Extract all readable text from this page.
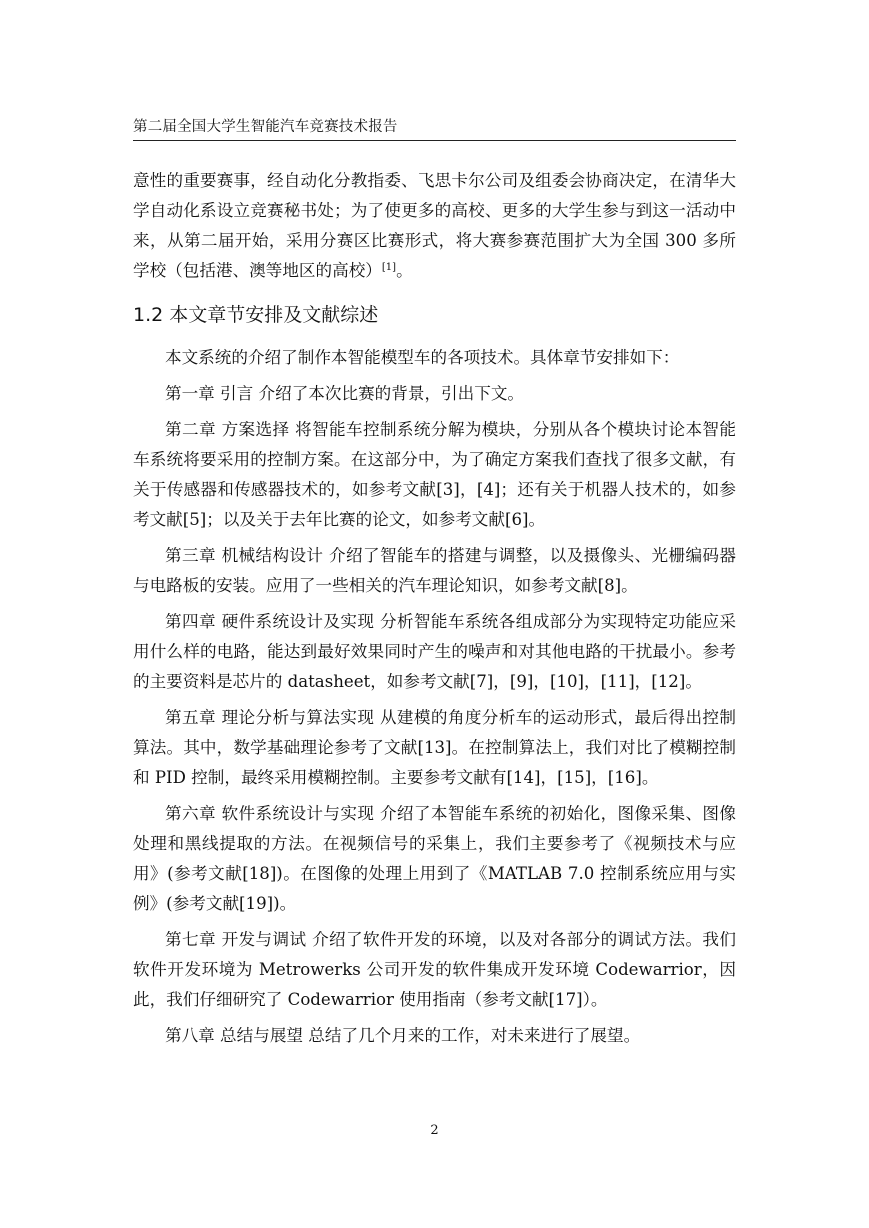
第二届全国大学生智能汽车竞赛技术报告

意性的重要赛事，经自动化分教指委、飞思卡尔公司及组委会协商决定，在清华大学自动化系设立竞赛秘书处；为了使更多的高校、更多的大学生参与到这一活动中来，从第二届开始，采用分赛区比赛形式，将大赛参赛范围扩大为全国 300 多所学校（包括港、澳等地区的高校）[1]。

1.2 本文章节安排及文献综述

本文系统的介绍了制作本智能模型车的各项技术。具体章节安排如下：

第一章 引言 介绍了本次比赛的背景，引出下文。

第二章 方案选择 将智能车控制系统分解为模块，分别从各个模块讨论本智能车系统将要采用的控制方案。在这部分中，为了确定方案我们查找了很多文献，有关于传感器和传感器技术的，如参考文献[3]，[4]；还有关于机器人技术的，如参考文献[5]；以及关于去年比赛的论文，如参考文献[6]。

第三章 机械结构设计 介绍了智能车的搭建与调整，以及摄像头、光栅编码器与电路板的安装。应用了一些相关的汽车理论知识，如参考文献[8]。

第四章 硬件系统设计及实现 分析智能车系统各组成部分为实现特定功能应采用什么样的电路，能达到最好效果同时产生的噪声和对其他电路的干扰最小。参考的主要资料是芯片的 datasheet，如参考文献[7]，[9]，[10]，[11]，[12]。

第五章 理论分析与算法实现 从建模的角度分析车的运动形式，最后得出控制算法。其中，数学基础理论参考了文献[13]。在控制算法上，我们对比了模糊控制和 PID 控制，最终采用模糊控制。主要参考文献有[14]，[15]，[16]。

第六章 软件系统设计与实现 介绍了本智能车系统的初始化，图像采集、图像处理和黑线提取的方法。在视频信号的采集上，我们主要参考了《视频技术与应用》(参考文献[18])。在图像的处理上用到了《MATLAB 7.0 控制系统应用与实例》(参考文献[19])。

第七章 开发与调试 介绍了软件开发的环境，以及对各部分的调试方法。我们软件开发环境为 Metrowerks 公司开发的软件集成开发环境 Codewarrior，因此，我们仔细研究了 Codewarrior 使用指南（参考文献[17]）。

第八章 总结与展望 总结了几个月来的工作，对未来进行了展望。

2
